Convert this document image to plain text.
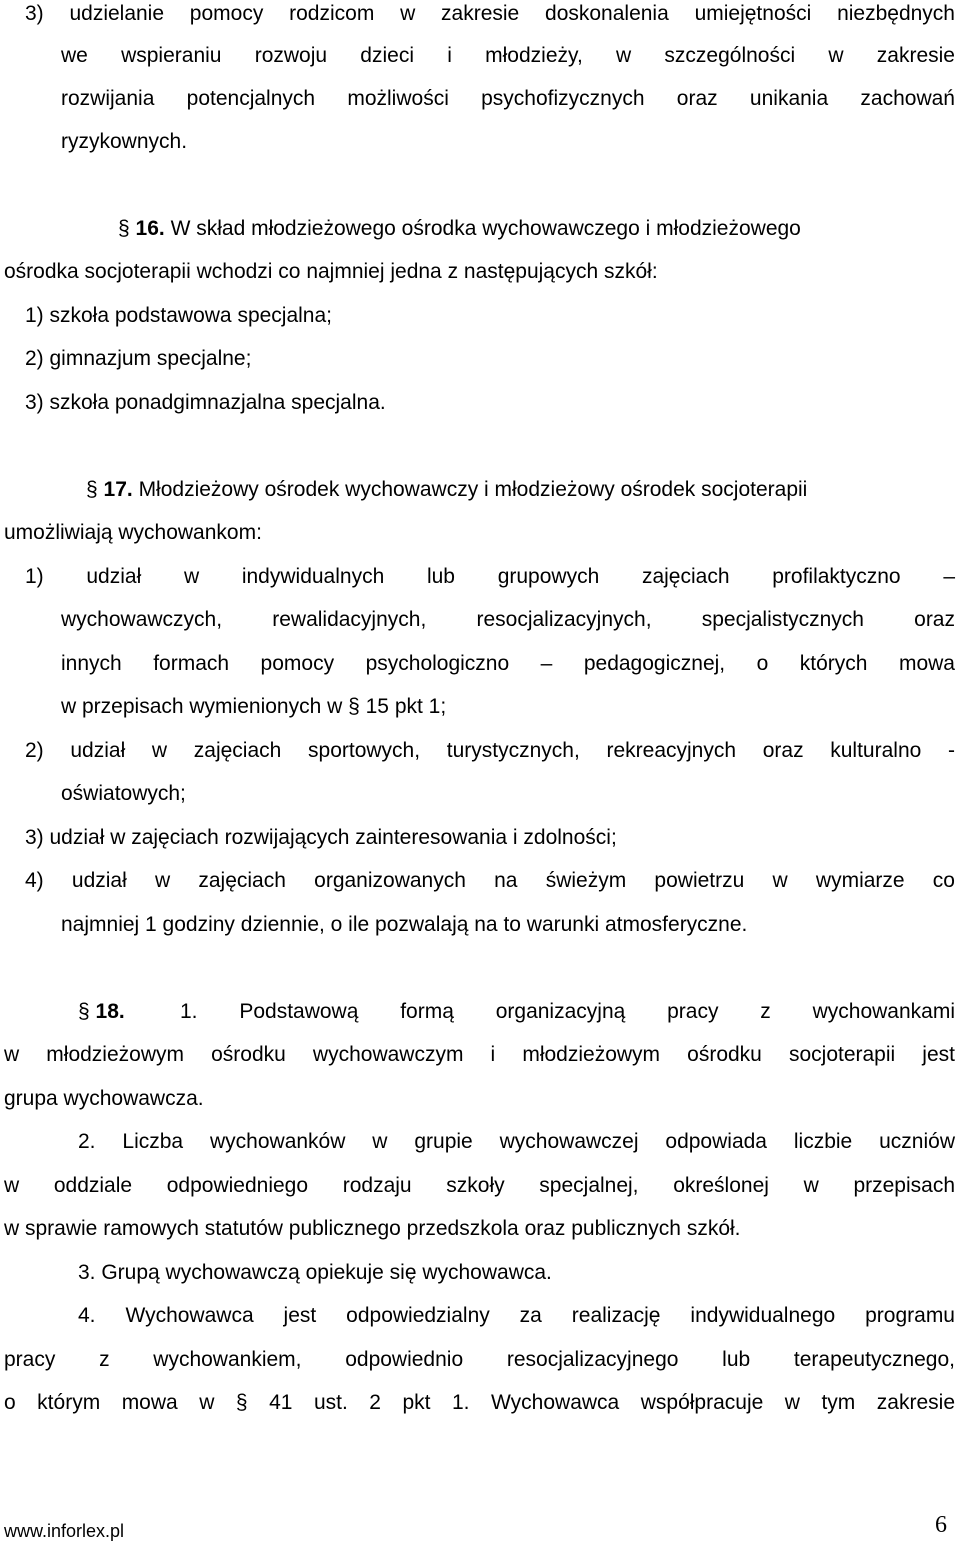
3) udzielanie pomocy rodzicom w zakresie doskonalenia umiejętności niezbędnych
we wspieraniu rozwoju dzieci i młodzieży, w szczególności w zakresie
rozwijania potencjalnych możliwości psychofizycznych oraz unikania zachowań
ryzykownych.
§ 16. W skład młodzieżowego ośrodka wychowawczego i młodzieżowego
ośrodka socjoterapii wchodzi co najmniej jedna z następujących szkół:
1) szkoła podstawowa specjalna;
2) gimnazjum specjalne;
3) szkoła ponadgimnazjalna specjalna.
§ 17. Młodzieżowy ośrodek wychowawczy i młodzieżowy ośrodek socjoterapii
umożliwiają wychowankom:
1) udział w indywidualnych lub grupowych zajęciach profilaktyczno –
wychowawczych, rewalidacyjnych, resocjalizacyjnych, specjalistycznych oraz
innych formach pomocy psychologiczno – pedagogicznej, o których mowa
w przepisach wymienionych w § 15 pkt 1;
2) udział w zajęciach sportowych, turystycznych, rekreacyjnych oraz kulturalno -
oświatowych;
3) udział w zajęciach rozwijających zainteresowania i zdolności;
4) udział w zajęciach organizowanych na świeżym powietrzu w wymiarze co
najmniej 1 godziny dziennie, o ile pozwalają na to warunki atmosferyczne.
§ 18.	1. Podstawową formą organizacyjną pracy z wychowankami
w młodzieżowym ośrodku wychowawczym i młodzieżowym ośrodku socjoterapii jest
grupa wychowawcza.
2. Liczba wychowanków w grupie wychowawczej odpowiada liczbie uczniów
w oddziale odpowiedniego rodzaju szkoły specjalnej, określonej w przepisach
w sprawie ramowych statutów publicznego przedszkola oraz publicznych szkół.
3. Grupą wychowawczą opiekuje się wychowawca.
4. Wychowawca jest odpowiedzialny za realizację indywidualnego programu
pracy z wychowankiem, odpowiednio resocjalizacyjnego lub terapeutycznego,
o którym mowa w § 41 ust. 2 pkt 1. Wychowawca współpracuje w tym zakresie
www.inforlex.pl	6
